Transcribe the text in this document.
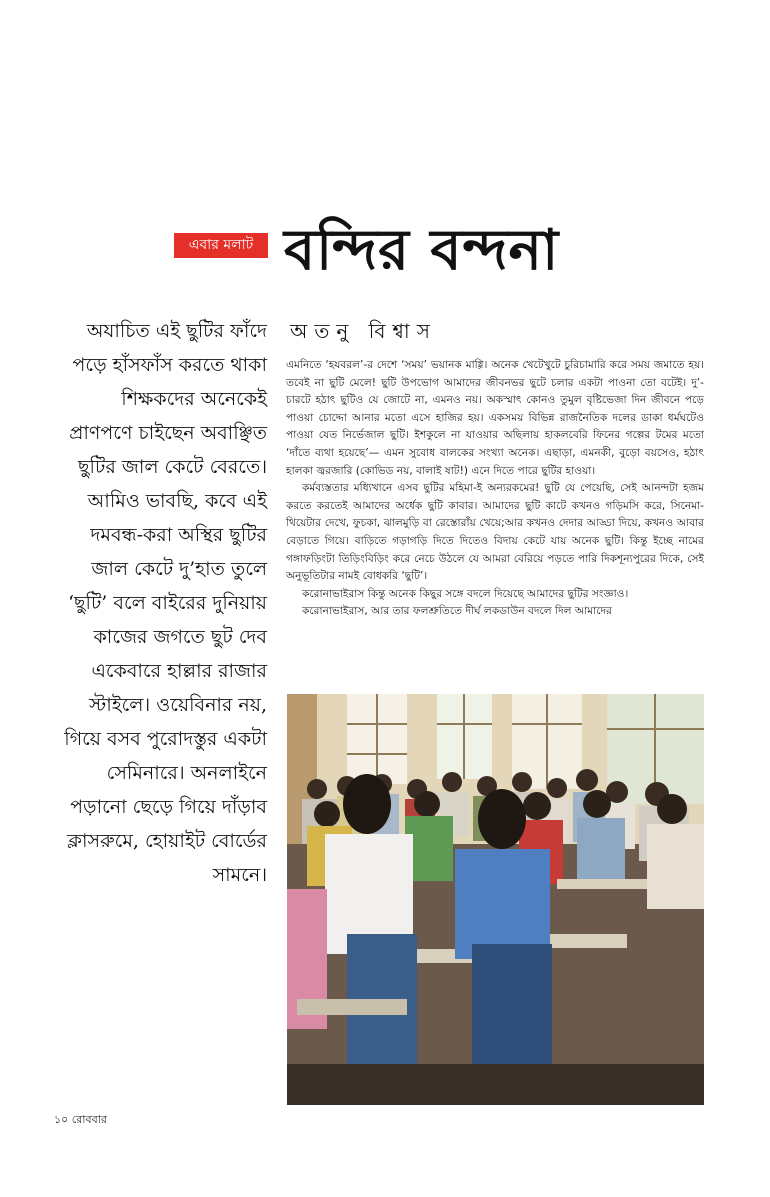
এবার মলাট বন্দির বন্দনা
অতনু বিশ্বাস

অযাচিত এই ছুটির ফাঁদে পড়ে হাঁসফাঁস করতে থাকা শিক্ষকদের অনেকেই প্রাণপণে চাইছেন অবাঞ্ছিত ছুটির জাল কেটে বেরতে। আমিও ভাবছি, কবে এই দমবন্ধ-করা অস্থির ছুটির জাল কেটে দু’হাত তুলে ‘ছুটি’ বলে বাইরের দুনিয়ায় কাজের জগতে ছুট দেব একেবারে হাল্লার রাজার স্টাইলে। ওয়েবিনার নয়, গিয়ে বসব পুরোদস্তুর একটা সেমিনারে। অনলাইনে পড়ানো ছেড়ে গিয়ে দাঁড়াব ক্লাসরুমে, হোয়াইট বোর্ডের সামনে।

এমনিতে ‘হযবরল’-র দেশে ‘সময়’ ভয়ানক মাগ্গি। অনেক খেটেখুটে চুরিচামারি করে সময় জমাতে হয়। তবেই না ছুটি মেলে! ছুটি উপভোগ আমাদের জীবনভর ছুটে চলার একটা পাওনা তো বটেই। দু’-চারটে হঠাৎ ছুটিও যে জোটে না, এমনও নয়। অকস্মাৎ কোনও তুমুল বৃষ্টিভেজা দিন জীবনে পড়ে পাওয়া চোদ্দো আনার মতো এসে হাজির হয়। একসময় বিভিন্ন রাজনৈতিক দলের ডাকা ধর্মঘটেও পাওয়া যেত নির্ভেজাল ছুটি। ইশকুলে না যাওয়ার অছিলায় হাকলবেরি ফিনের গল্পের টমের মতো ‘দাঁতে ব্যথা হয়েছে’— এমন সুবোধ বালকের সংখ্যা অনেক। এছাড়া, এমনকী, বুড়ো বয়সেও, হঠাৎ হালকা জ্বরজারি (কোভিড নয়, বালাই ষাট!) এনে দিতে পারে ছুটির হাওয়া।

কর্মব্যস্ততার মধ্যিখানে এসব ছুটির মহিমা-ই অন্যরকমের! ছুটি যে পেয়েছি, সেই আনন্দটা হজম করতে করতেই আমাদের অর্ধেক ছুটি কাবার। আমাদের ছুটি কাটে কখনও গড়িমসি করে, সিনেমা-থিয়েটার দেখে, ফুচকা, ঝালমুড়ি বা রেস্তোরাঁয় খেয়ে;আর কখনও দেদার আড্ডা দিয়ে, কখনও আবার বেড়াতে গিয়ে। বাড়িতে গড়াগড়ি দিতে দিতেও বিদায় কেটে যায় অনেক ছুটি। কিন্তু ইচ্ছে নামের গঙ্গাফড়িংটা তিড়িংবিড়িং করে নেচে উঠলে যে আমরা বেরিয়ে পড়তে পারি দিকশূন্যপুরের দিকে, সেই অনুভূতিটার নামই বোধকরি ‘ছুটি’।

করোনাভাইরাস কিন্তু অনেক কিছুর সঙ্গে বদলে দিয়েছে আমাদের ছুটির সংজ্ঞাও।

করোনাভাইরাস, আর তার ফলশ্রুতিতে দীর্ঘ লকডাউন বদলে দিল আমাদের

১০ রোববার
